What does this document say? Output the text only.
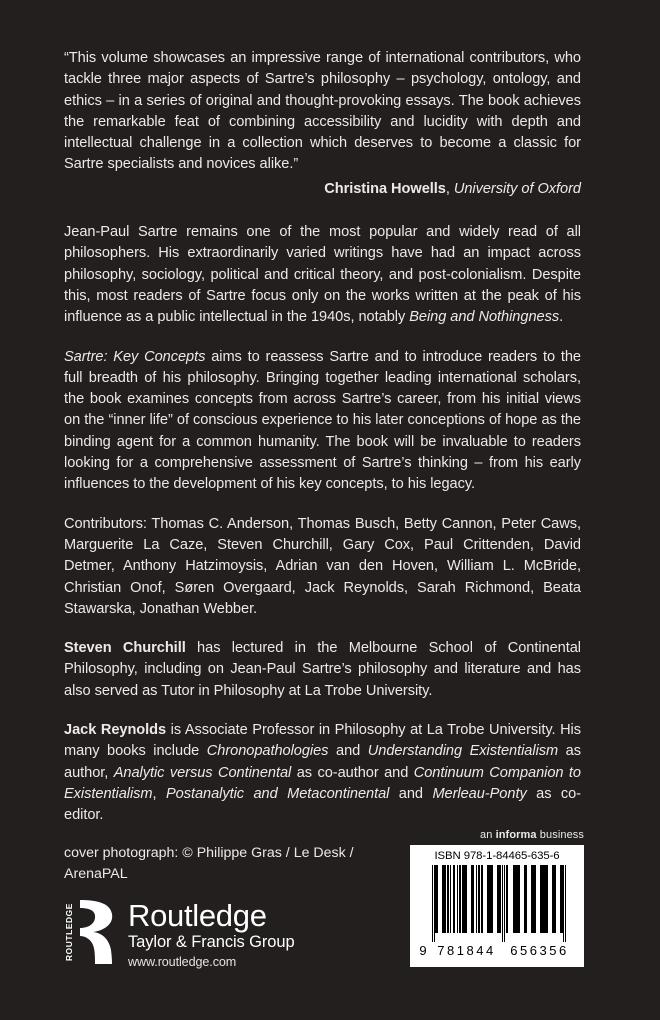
“This volume showcases an impressive range of international contributors, who tackle three major aspects of Sartre’s philosophy – psychology, ontology, and ethics – in a series of original and thought-provoking essays. The book achieves the remarkable feat of combining accessibility and lucidity with depth and intellectual challenge in a collection which deserves to become a classic for Sartre specialists and novices alike.”
Christina Howells, University of Oxford

Jean-Paul Sartre remains one of the most popular and widely read of all philosophers. His extraordinarily varied writings have had an impact across philosophy, sociology, political and critical theory, and post-colonialism. Despite this, most readers of Sartre focus only on the works written at the peak of his influence as a public intellectual in the 1940s, notably Being and Nothingness.

Sartre: Key Concepts aims to reassess Sartre and to introduce readers to the full breadth of his philosophy. Bringing together leading international scholars, the book examines concepts from across Sartre’s career, from his initial views on the “inner life” of conscious experience to his later conceptions of hope as the binding agent for a common humanity. The book will be invaluable to readers looking for a comprehensive assessment of Sartre’s thinking – from his early influences to the development of his key concepts, to his legacy.

Contributors: Thomas C. Anderson, Thomas Busch, Betty Cannon, Peter Caws, Marguerite La Caze, Steven Churchill, Gary Cox, Paul Crittenden, David Detmer, Anthony Hatzimoysis, Adrian van den Hoven, William L. McBride, Christian Onof, Søren Overgaard, Jack Reynolds, Sarah Richmond, Beata Stawarska, Jonathan Webber.

Steven Churchill has lectured in the Melbourne School of Continental Philosophy, including on Jean-Paul Sartre’s philosophy and literature and has also served as Tutor in Philosophy at La Trobe University.

Jack Reynolds is Associate Professor in Philosophy at La Trobe University. His many books include Chronopathologies and Understanding Existentialism as author, Analytic versus Continental as co-author and Continuum Companion to Existentialism, Postanalytic and Metacontinental and Merleau-Ponty as co-editor.

cover photograph: © Philippe Gras / Le Desk / ArenaPAL
an informa business
ISBN 978-1-84465-635-6
9 781844	656356
ROUTLEDGE Routledge
Taylor & Francis Group
www.routledge.com
